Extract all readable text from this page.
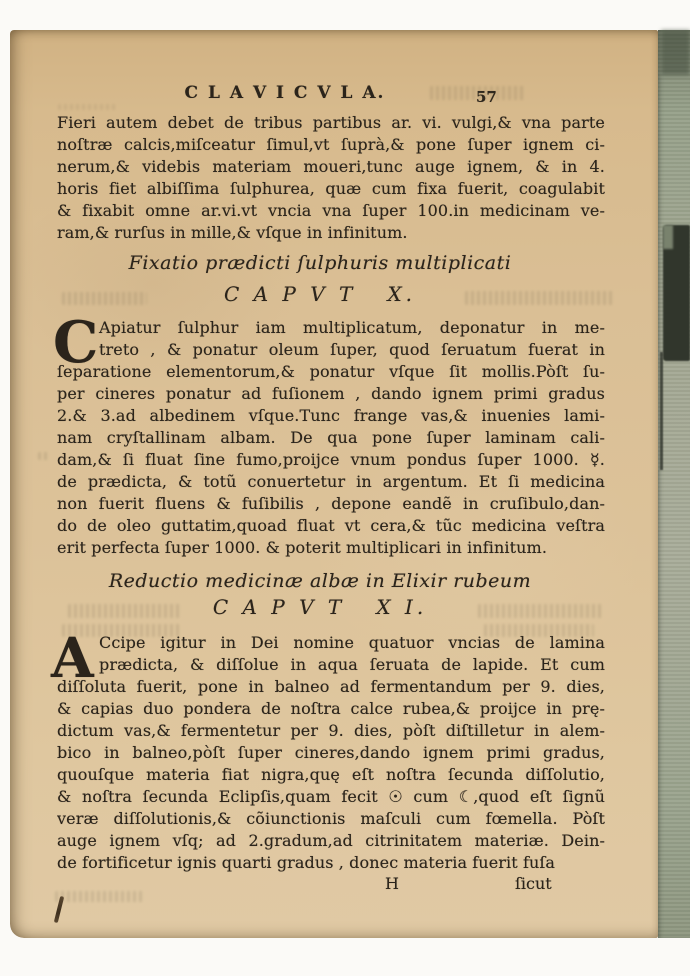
C L A V I C V L A.	57
Fieri autem debet de tribus partibus ar. vi. vulgi,& vna parte
noſtræ calcis,miſceatur ſimul,vt ſuprà,& pone ſuper ignem ci-
nerum,& videbis materiam moueri,tunc auge ignem, & in 4.
horis fiet albiſſima ſulphurea, quæ cum fixa fuerit, coagulabit
& fixabit omne ar.vi.vt vncia vna ſuper 100.in medicinam ve-
ram,& rurſus in mille,& vſque in infinitum.
Fixatio prædicti ſulphuris multiplicati
C A P V T   X.
C Apiatur ſulphur iam multiplicatum, deponatur in me-
treto , & ponatur oleum ſuper, quod ſeruatum fuerat in
ſeparatione elementorum,& ponatur vſque ſit mollis.Pòſt ſu-
per cineres ponatur ad fuſionem , dando ignem primi gradus
2.& 3.ad albedinem vſque.Tunc frange vas,& inuenies lami-
nam cryſtallinam albam. De qua pone ſuper laminam cali-
dam,& ſi fluat ſine fumo,proijce vnum pondus ſuper 1000. ☿.
de prædicta, & totũ conuertetur in argentum. Et ſi medicina
non fuerit fluens & fuſibilis , depone eandẽ in cruſibulo,dan-
do de oleo guttatim,quoad fluat vt cera,& tũc medicina veſtra
erit perfecta ſuper 1000. & poterit multiplicari in infinitum.
Reductio medicinæ albæ in Elixir rubeum
C A P V T   X I.
A Ccipe igitur in Dei nomine quatuor vncias de lamina
prædicta, & diſſolue in aqua ſeruata de lapide. Et cum
diſſoluta fuerit, pone in balneo ad fermentandum per 9. dies,
& capias duo pondera de noſtra calce rubea,& proijce in prę-
dictum vas,& fermentetur per 9. dies, pòſt diſtilletur in alem-
bico in balneo,pòſt ſuper cineres,dando ignem primi gradus,
quouſque materia fiat nigra,quę eſt noſtra ſecunda diſſolutio,
& noſtra ſecunda Eclipſis,quam fecit ☉ cum ☾,quod eſt ſignũ
veræ diſſolutionis,& cõiunctionis maſculi cum fœmella. Pòſt
auge ignem vſq; ad 2.gradum,ad citrinitatem materiæ. Dein-
de fortificetur ignis quarti gradus , donec materia fuerit fuſa
H	ſicut
